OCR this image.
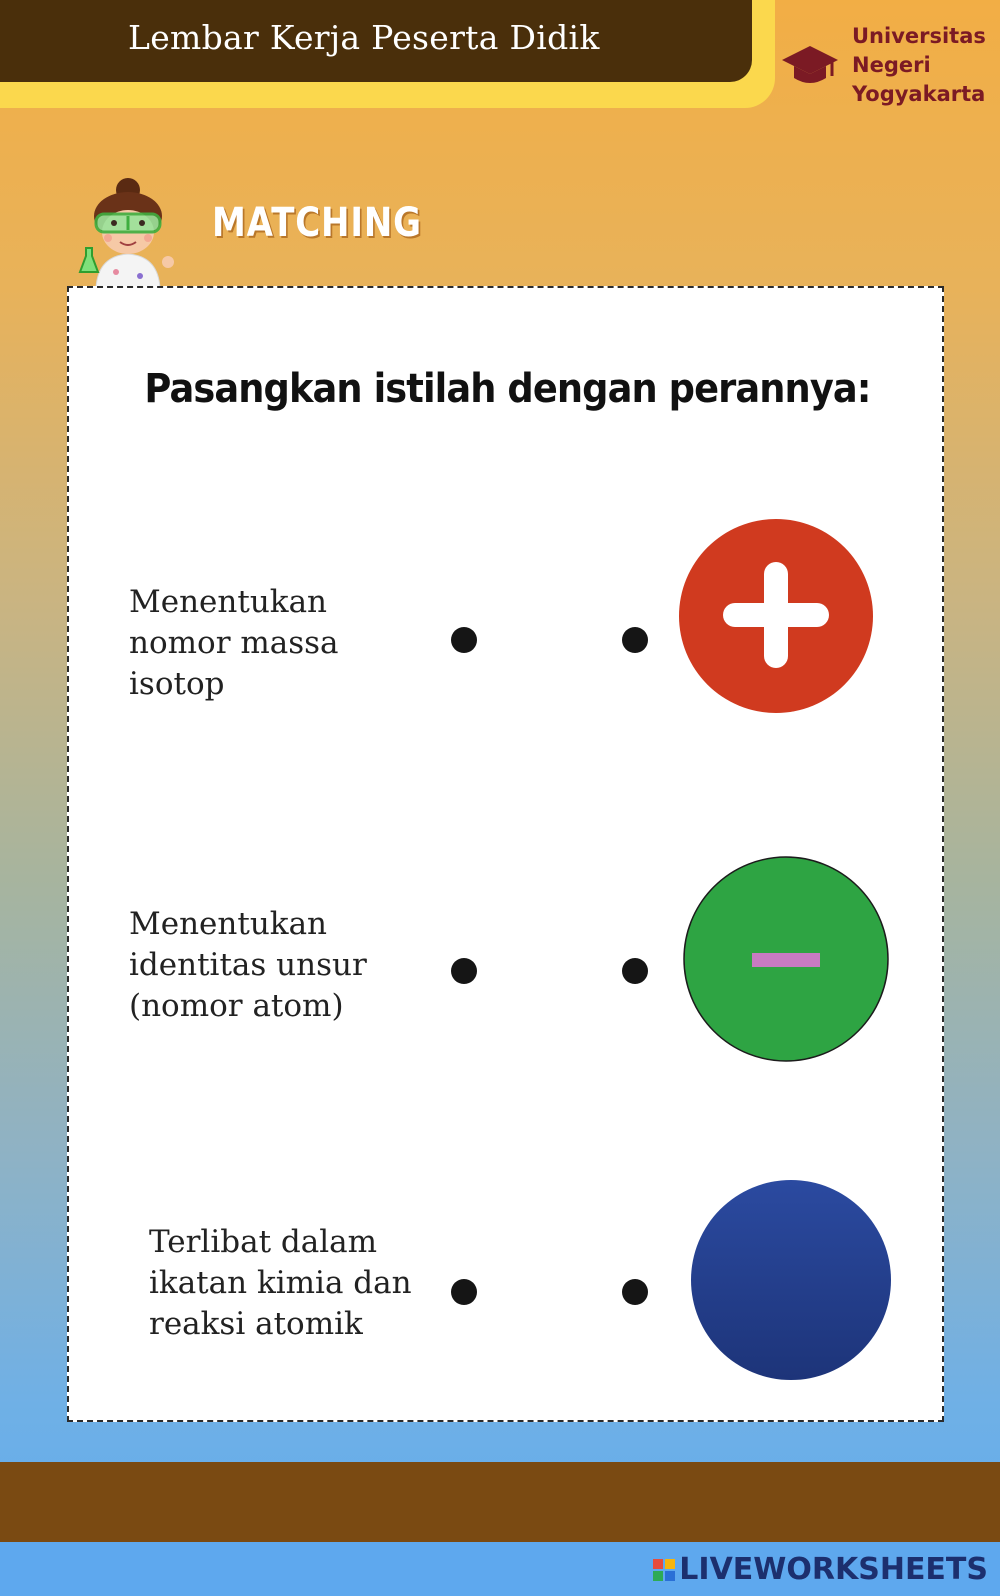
Lembar Kerja Peserta Didik	Universitas
Negeri
Yogyakarta
MATCHING
Pasangkan istilah dengan perannya:
Menentukan
nomor massa
isotop
Menentukan
identitas unsur
(nomor atom)
Terlibat dalam
ikatan kimia dan
reaksi atomik
LIVEWORKSHEETS
